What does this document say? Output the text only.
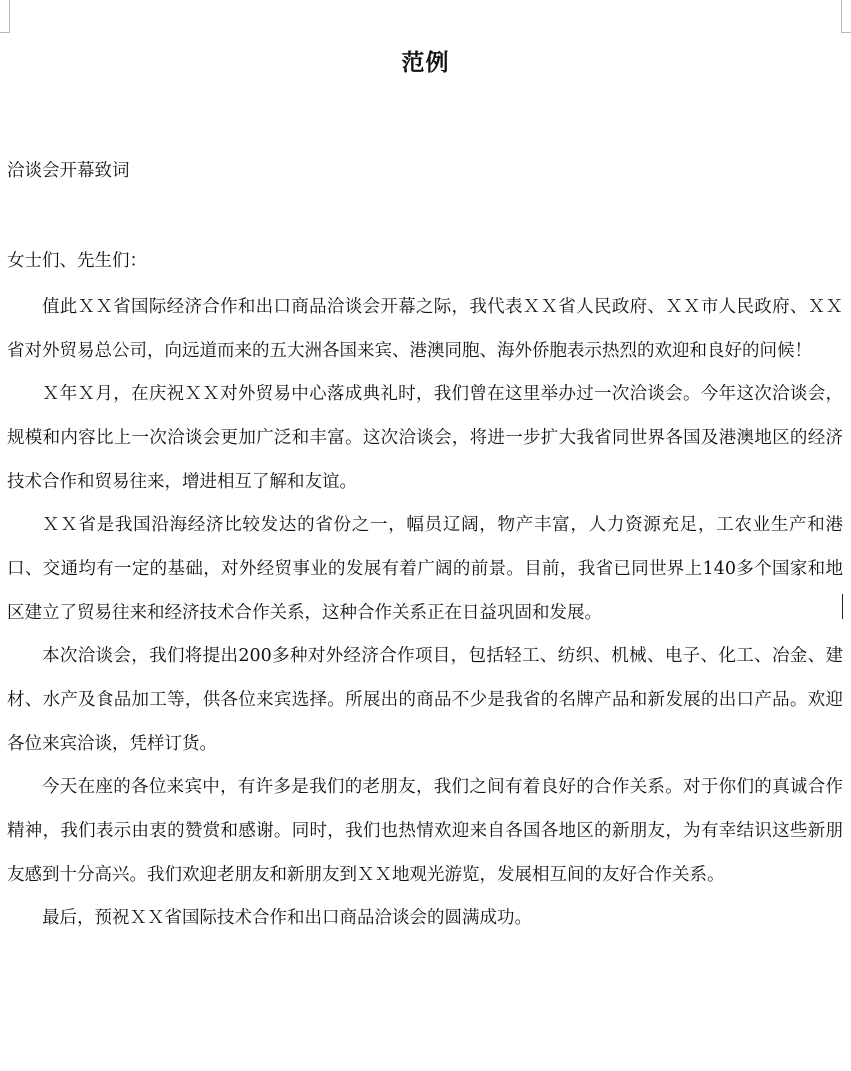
范例
洽谈会开幕致词
女士们、先生们：

值此ＸＸ省国际经济合作和出口商品洽谈会开幕之际，我代表ＸＸ省人民政府、ＸＸ市人民政府、ＸＸ省对外贸易总公司，向远道而来的五大洲各国来宾、港澳同胞、海外侨胞表示热烈的欢迎和良好的问候！

Ｘ年Ｘ月，在庆祝ＸＸ对外贸易中心落成典礼时，我们曾在这里举办过一次洽谈会。今年这次洽谈会，规模和内容比上一次洽谈会更加广泛和丰富。这次洽谈会，将进一步扩大我省同世界各国及港澳地区的经济技术合作和贸易往来，增进相互了解和友谊。

ＸＸ省是我国沿海经济比较发达的省份之一，幅员辽阔，物产丰富，人力资源充足，工农业生产和港口、交通均有一定的基础，对外经贸事业的发展有着广阔的前景。目前，我省已同世界上140多个国家和地区建立了贸易往来和经济技术合作关系，这种合作关系正在日益巩固和发展。

本次洽谈会，我们将提出200多种对外经济合作项目，包括轻工、纺织、机械、电子、化工、冶金、建材、水产及食品加工等，供各位来宾选择。所展出的商品不少是我省的名牌产品和新发展的出口产品。欢迎各位来宾洽谈，凭样订货。

今天在座的各位来宾中，有许多是我们的老朋友，我们之间有着良好的合作关系。对于你们的真诚合作精神，我们表示由衷的赞赏和感谢。同时，我们也热情欢迎来自各国各地区的新朋友，为有幸结识这些新朋友感到十分高兴。我们欢迎老朋友和新朋友到ＸＸ地观光游览，发展相互间的友好合作关系。

最后，预祝ＸＸ省国际技术合作和出口商品洽谈会的圆满成功。
